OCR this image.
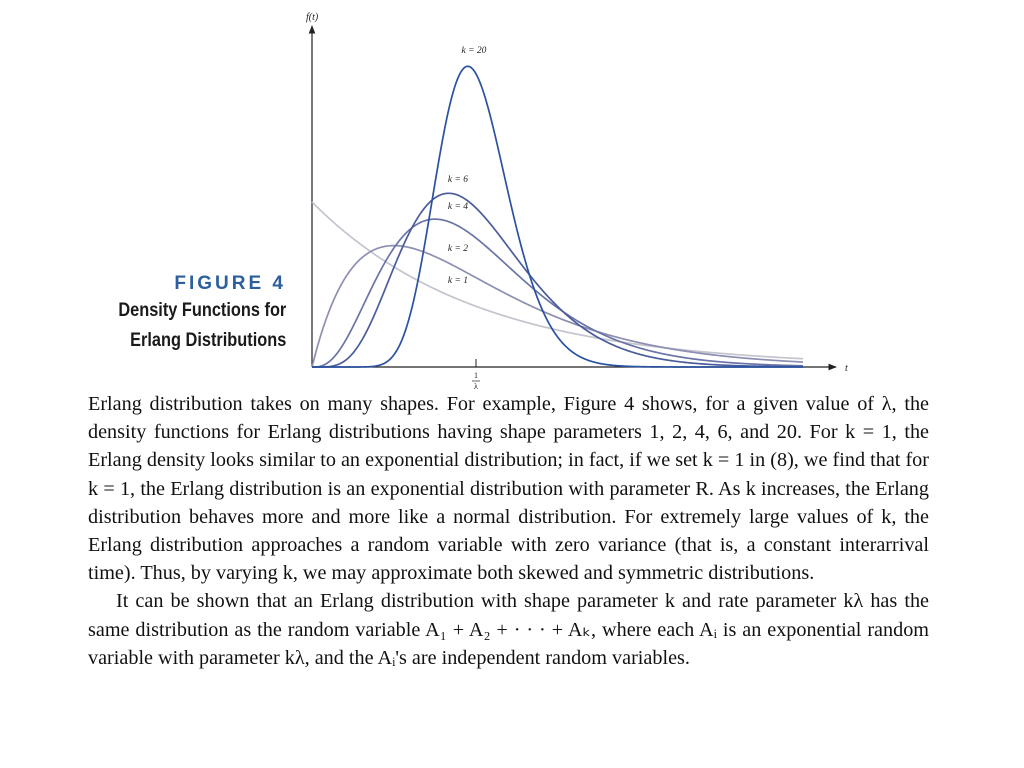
FIGURE 4
Density Functions for
Erlang Distributions
f(t)
t
1
λ
k = 1
k = 2
k = 4
k = 6
k = 20

Erlang distribution takes on many shapes. For example, Figure 4 shows, for a given value of λ, the density functions for Erlang distributions having shape parameters 1, 2, 4, 6, and 20. For k = 1, the Erlang density looks similar to an exponential distribution; in fact, if we set k = 1 in (8), we find that for k = 1, the Erlang distribution is an exponential distribution with parameter R. As k increases, the Erlang distribution behaves more and more like a normal distribution. For extremely large values of k, the Erlang distribution approaches a random variable with zero variance (that is, a constant interarrival time). Thus, by varying k, we may approximate both skewed and symmetric distributions.

It can be shown that an Erlang distribution with shape parameter k and rate parameter kλ has the same distribution as the random variable A₁ + A₂ + · · · + Aₖ, where each Aᵢ is an exponential random variable with parameter kλ, and the Aᵢ's are independent random variables.
